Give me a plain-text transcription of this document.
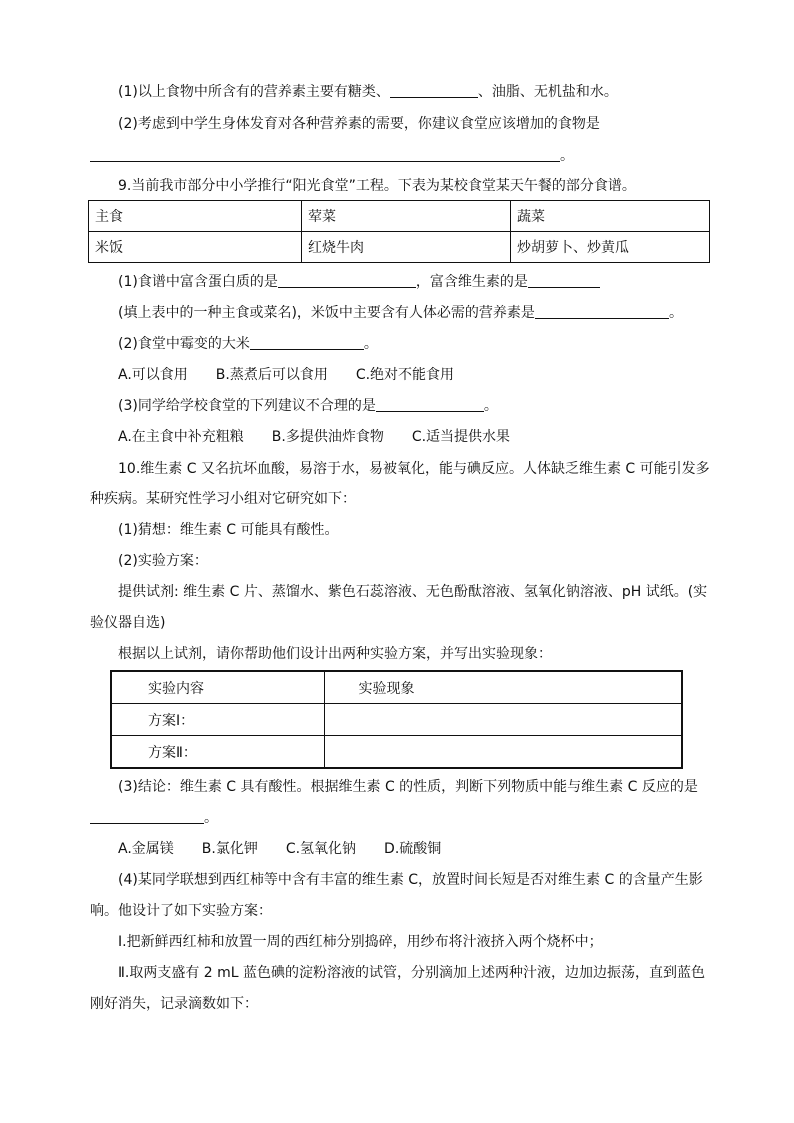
(1)以上食物中所含有的营养素主要有糖类、	、油脂、无机盐和水。
(2)考虑到中学生身体发育对各种营养素的需要，你建议食堂应该增加的食物是
。
9.当前我市部分中小学推行“阳光食堂”工程。下表为某校食堂某天午餐的部分食谱。
主食	荤菜	蔬菜
米饭	红烧牛肉	炒胡萝卜、炒黄瓜
(1)食谱中富含蛋白质的是	，富含维生素的是
(填上表中的一种主食或菜名)，米饭中主要含有人体必需的营养素是	。
(2)食堂中霉变的大米	。
A.可以食用　　B.蒸煮后可以食用　　C.绝对不能食用
(3)同学给学校食堂的下列建议不合理的是	。
A.在主食中补充粗粮　　B.多提供油炸食物　　C.适当提供水果
10.维生素 C 又名抗坏血酸，易溶于水，易被氧化，能与碘反应。人体缺乏维生素 C 可能引发多
种疾病。某研究性学习小组对它研究如下：
(1)猜想：维生素 C 可能具有酸性。
(2)实验方案：
提供试剂: 维生素 C 片、蒸馏水、紫色石蕊溶液、无色酚酞溶液、氢氧化钠溶液、pH 试纸。(实
验仪器自选)
根据以上试剂，请你帮助他们设计出两种实验方案，并写出实验现象：
实验内容	实验现象
方案Ⅰ：	
方案Ⅱ：	
(3)结论：维生素 C 具有酸性。根据维生素 C 的性质，判断下列物质中能与维生素 C 反应的是
。
A.金属镁　　B.氯化钾　　C.氢氧化钠　　D.硫酸铜
(4)某同学联想到西红柿等中含有丰富的维生素 C，放置时间长短是否对维生素 C 的含量产生影
响。他设计了如下实验方案：
Ⅰ.把新鲜西红柿和放置一周的西红柿分别捣碎，用纱布将汁液挤入两个烧杯中；
Ⅱ.取两支盛有 2 mL 蓝色碘的淀粉溶液的试管，分别滴加上述两种汁液，边加边振荡，直到蓝色
刚好消失，记录滴数如下：
